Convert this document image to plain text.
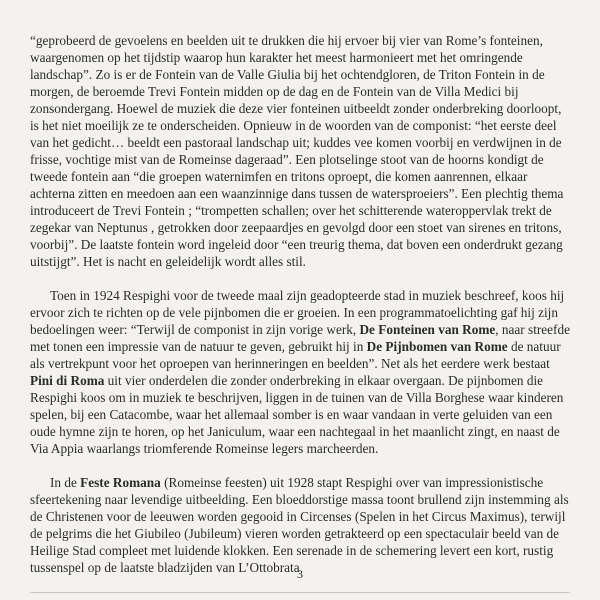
“geprobeerd de gevoelens en beelden uit te drukken die hij ervoer bij vier van Rome’s fonteinen, waargenomen op het tijdstip waarop hun karakter het meest harmonieert met het omringende landschap”. Zo is er de Fontein van de Valle Giulia bij het ochtendgloren, de Triton Fontein in de morgen, de beroemde Trevi Fontein midden op de dag en de Fontein van de Villa Medici bij zonsondergang. Hoewel de muziek die deze vier fonteinen uitbeeldt zonder onderbreking doorloopt, is het niet moeilijk ze te onderscheiden. Opnieuw in de woorden van de componist: “het eerste deel van het gedicht… beeldt een pastoraal landschap uit; kuddes vee komen voorbij en verdwijnen in de frisse, vochtige mist van de Romeinse dageraad”. Een plotselinge stoot van de hoorns kondigt de tweede fontein aan “die groepen waternimfen en tritons oproept, die komen aanrennen, elkaar achterna zitten en meedoen aan een waanzinnige dans tussen de watersproeiers”. Een plechtig thema introduceert de Trevi Fontein ; “trompetten schallen; over het schitterende wateroppervlak trekt de zegekar van Neptunus , getrokken door zeepaardjes en gevolgd door een stoet van sirenes en tritons, voorbij”. De laatste fontein word ingeleid door “een treurig thema, dat boven een onderdrukt gezang uitstijgt”. Het is nacht en geleidelijk wordt alles stil.

Toen in 1924 Respighi voor de tweede maal zijn geadopteerde stad in muziek beschreef, koos hij ervoor zich te richten op de vele pijnbomen die er groeien. In een programmatoelichting gaf hij zijn bedoelingen weer: “Terwijl de componist in zijn vorige werk, De Fonteinen van Rome, naar streefde met tonen een impressie van de natuur te geven, gebruikt hij in De Pijnbomen van Rome de natuur als vertrekpunt voor het oproepen van herinneringen en beelden”. Net als het eerdere werk bestaat Pini di Roma uit vier onderdelen die zonder onderbreking in elkaar overgaan. De pijnbomen die Respighi koos om in muziek te beschrijven, liggen in de tuinen van de Villa Borghese waar kinderen spelen, bij een Catacombe, waar het allemaal somber is en waar vandaan in verte geluiden van een oude hymne zijn te horen, op het Janiculum, waar een nachtegaal in het maanlicht zingt, en naast de Via Appia waarlangs triomferende Romeinse legers marcheerden.

In de Feste Romana (Romeinse feesten) uit 1928 stapt Respighi over van impressionistische sfeertekening naar levendige uitbeelding. Een bloeddorstige massa toont brullend zijn instemming als de Christenen voor de leeuwen worden gegooid in Circenses (Spelen in het Circus Maximus), terwijl de pelgrims die het Giubileo (Jubileum) vieren worden getrakteerd op een spectaculair beeld van de Heilige Stad compleet met luidende klokken. Een serenade in de schemering levert een kort, rustig tussenspel op de laatste bladzijden van L’Ottobrata

3
